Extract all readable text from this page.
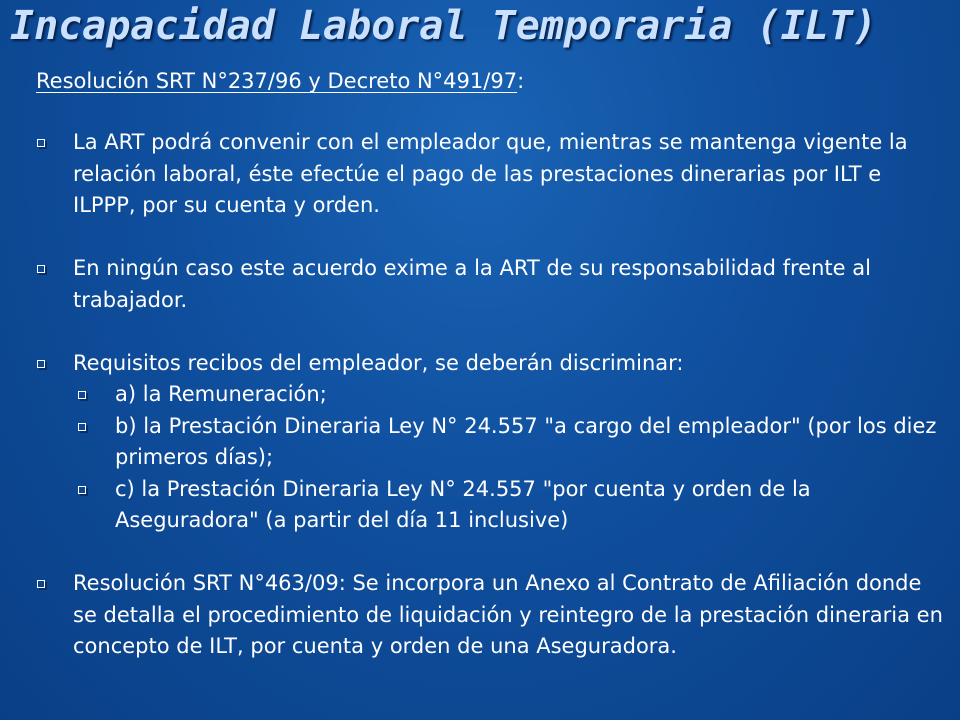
Incapacidad Laboral Temporaria (ILT)
Resolución SRT N°237/96 y Decreto N°491/97:
La ART podrá convenir con el empleador que, mientras se mantenga vigente la relación laboral, éste efectúe el pago de las prestaciones dinerarias por ILT e ILPPP, por su cuenta y orden.
En ningún caso este acuerdo exime a la ART de su responsabilidad frente al trabajador.
Requisitos recibos del empleador, se deberán discriminar:
a) la Remuneración;
b) la Prestación Dineraria Ley N° 24.557 "a cargo del empleador" (por los diez primeros días);
c) la Prestación Dineraria Ley N° 24.557 "por cuenta y orden de la Aseguradora" (a partir del día 11 inclusive)
Resolución SRT N°463/09: Se incorpora un Anexo al Contrato de Afiliación donde se detalla el procedimiento de liquidación y reintegro de la prestación dineraria en concepto de ILT, por cuenta y orden de una Aseguradora.
